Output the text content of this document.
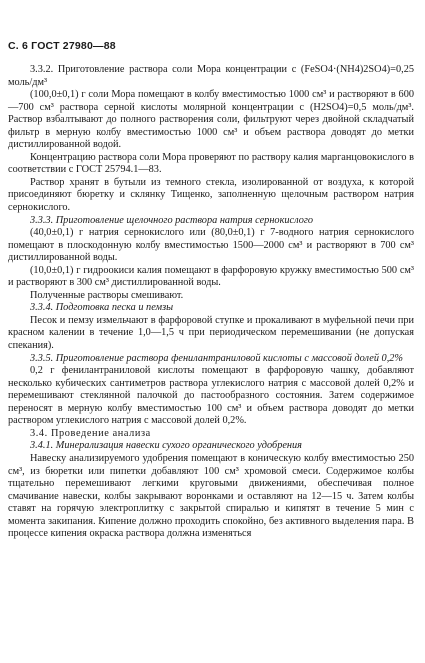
С. 6 ГОСТ 27980—88

3.3.2. Приготовление раствора соли Мора концентрации c (FeSO4·(NH4)2SO4)=0,25 моль/дм³

(100,0±0,1) г соли Мора помещают в колбу вместимостью 1000 см³ и растворяют в 600—700 см³ раствора серной кислоты молярной концентрации с (H2SO4)=0,5 моль/дм³. Раствор взбалтывают до полного растворения соли, фильтруют через двойной складчатый фильтр в мерную колбу вместимостью 1000 см³ и объем раствора доводят до метки дистиллированной водой.

Концентрацию раствора соли Мора проверяют по раствору калия марганцовокислого в соответствии с ГОСТ 25794.1—83.

Раствор хранят в бутыли из темного стекла, изолированной от воздуха, к которой присоединяют бюретку и склянку Тищенко, заполненную щелочным раствором натрия сернокислого.

3.3.3. Приготовление щелочного раствора натрия сернокислого

(40,0±0,1) г натрия сернокислого или (80,0±0,1) г 7-водного натрия сернокислого помещают в плоскодонную колбу вместимостью 1500—2000 см³ и растворяют в 700 см³ дистиллированной воды.

(10,0±0,1) г гидроокиси калия помещают в фарфоровую кружку вместимостью 500 см³ и растворяют в 300 см³ дистиллированной воды.

Полученные растворы смешивают.

3.3.4. Подготовка песка и пемзы

Песок и пемзу измельчают в фарфоровой ступке и прокаливают в муфельной печи при красном калении в течение 1,0—1,5 ч при периодическом перемешивании (не допуская спекания).

3.3.5. Приготовление раствора фенилантраниловой кислоты с массовой долей 0,2%

0,2 г фенилантраниловой кислоты помещают в фарфоровую чашку, добавляют несколько кубических сантиметров раствора углекислого натрия с массовой долей 0,2% и перемешивают стеклянной палочкой до пастообразного состояния. Затем содержимое переносят в мерную колбу вместимостью 100 см³ и объем раствора доводят до метки раствором углекислого натрия с массовой долей 0,2%.

3.4. Проведение анализа

3.4.1. Минерализация навески сухого органического удобрения

Навеску анализируемого удобрения помещают в коническую колбу вместимостью 250 см³, из бюретки или пипетки добавляют 100 см³ хромовой смеси. Содержимое колбы тщательно перемешивают легкими круговыми движениями, обеспечивая полное смачивание навески, колбы закрывают воронками и оставляют на 12—15 ч. Затем колбы ставят на горячую электроплитку с закрытой спиралью и кипятят в течение 5 мин с момента закипания. Кипение должно проходить спокойно, без активного выделения пара. В процессе кипения окраска раствора должна изменяться
